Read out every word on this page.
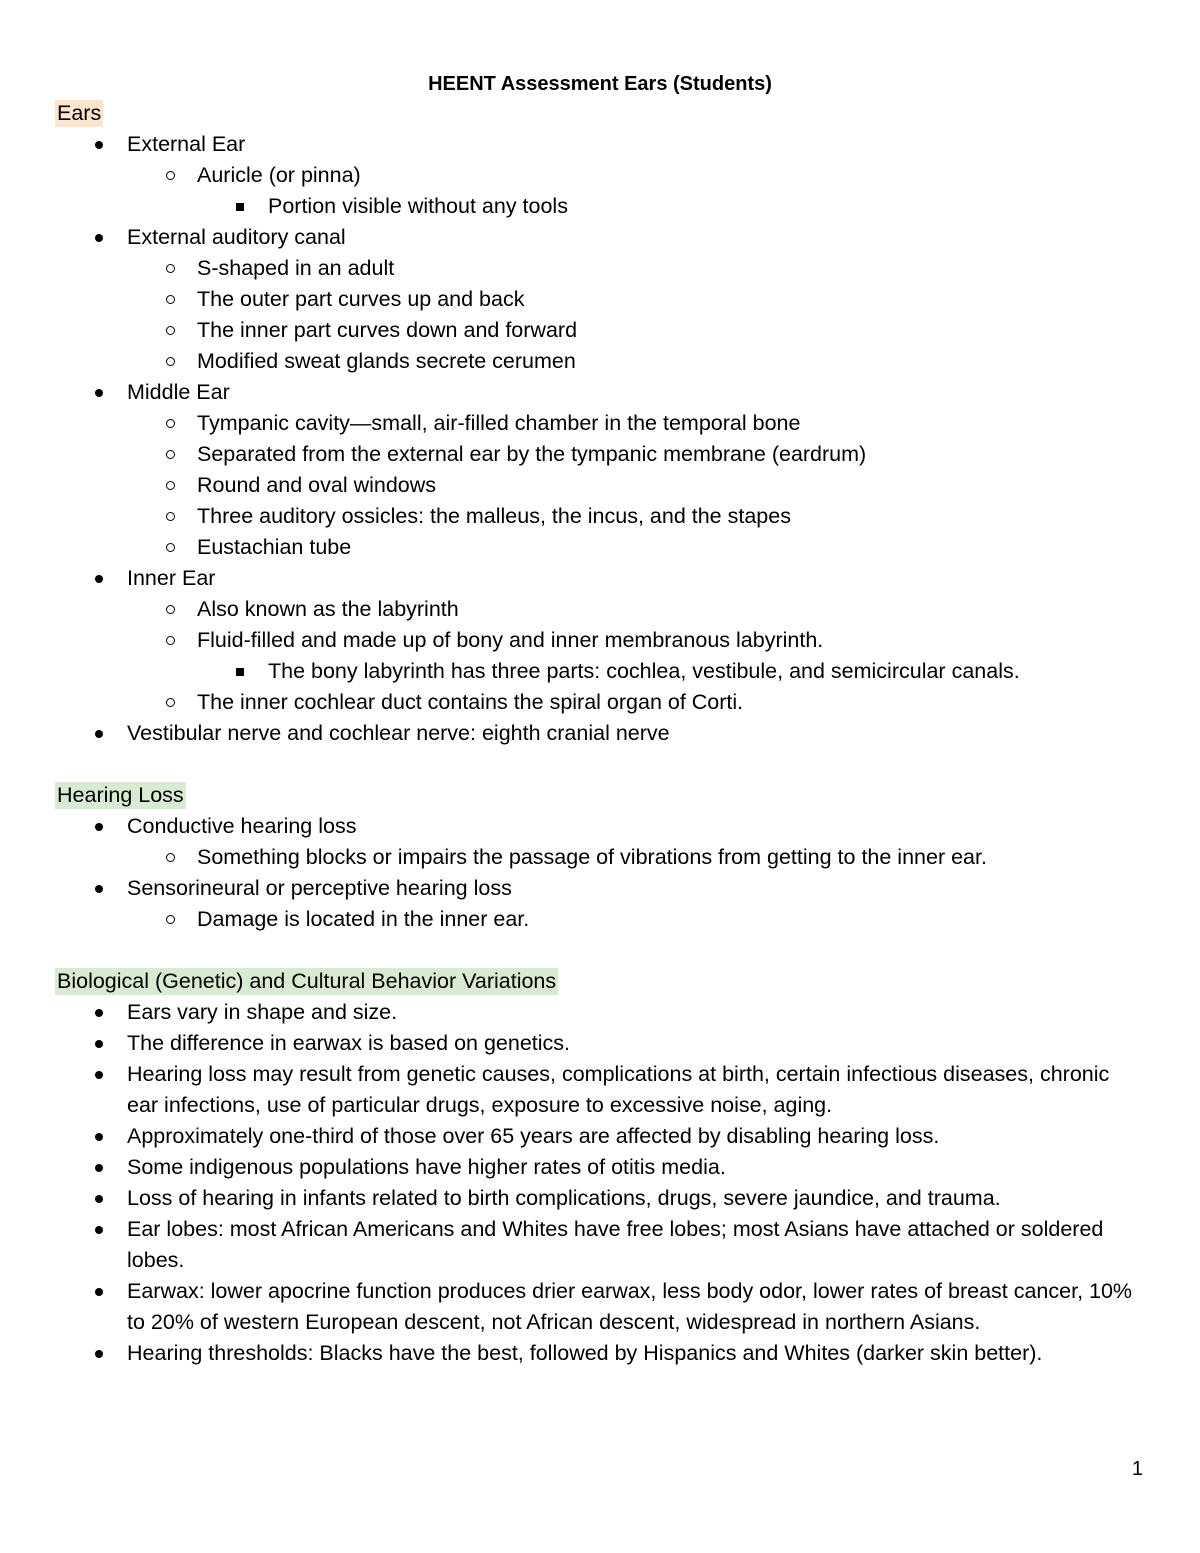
HEENT Assessment Ears (Students)
Ears
External Ear
Auricle (or pinna)
Portion visible without any tools
External auditory canal
S-shaped in an adult
The outer part curves up and back
The inner part curves down and forward
Modified sweat glands secrete cerumen
Middle Ear
Tympanic cavity—small, air-filled chamber in the temporal bone
Separated from the external ear by the tympanic membrane (eardrum)
Round and oval windows
Three auditory ossicles: the malleus, the incus, and the stapes
Eustachian tube
Inner Ear
Also known as the labyrinth
Fluid-filled and made up of bony and inner membranous labyrinth.
The bony labyrinth has three parts: cochlea, vestibule, and semicircular canals.
The inner cochlear duct contains the spiral organ of Corti.
Vestibular nerve and cochlear nerve: eighth cranial nerve
Hearing Loss
Conductive hearing loss
Something blocks or impairs the passage of vibrations from getting to the inner ear.
Sensorineural or perceptive hearing loss
Damage is located in the inner ear.
Biological (Genetic) and Cultural Behavior Variations
Ears vary in shape and size.
The difference in earwax is based on genetics.
Hearing loss may result from genetic causes, complications at birth, certain infectious diseases, chronic ear infections, use of particular drugs, exposure to excessive noise, aging.
Approximately one-third of those over 65 years are affected by disabling hearing loss.
Some indigenous populations have higher rates of otitis media.
Loss of hearing in infants related to birth complications, drugs, severe jaundice, and trauma.
Ear lobes: most African Americans and Whites have free lobes; most Asians have attached or soldered lobes.
Earwax: lower apocrine function produces drier earwax, less body odor, lower rates of breast cancer, 10% to 20% of western European descent, not African descent, widespread in northern Asians.
Hearing thresholds: Blacks have the best, followed by Hispanics and Whites (darker skin better).
1
